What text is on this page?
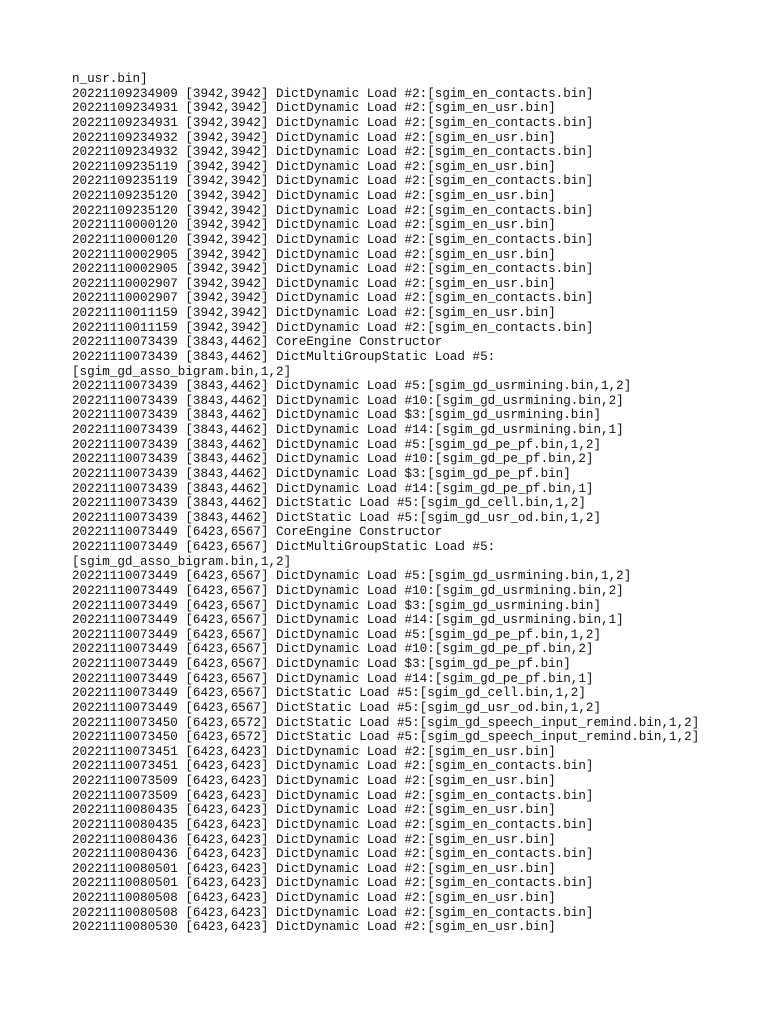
n_usr.bin]
20221109234909 [3942,3942] DictDynamic Load #2:[sgim_en_contacts.bin]
20221109234931 [3942,3942] DictDynamic Load #2:[sgim_en_usr.bin]
20221109234931 [3942,3942] DictDynamic Load #2:[sgim_en_contacts.bin]
20221109234932 [3942,3942] DictDynamic Load #2:[sgim_en_usr.bin]
20221109234932 [3942,3942] DictDynamic Load #2:[sgim_en_contacts.bin]
20221109235119 [3942,3942] DictDynamic Load #2:[sgim_en_usr.bin]
20221109235119 [3942,3942] DictDynamic Load #2:[sgim_en_contacts.bin]
20221109235120 [3942,3942] DictDynamic Load #2:[sgim_en_usr.bin]
20221109235120 [3942,3942] DictDynamic Load #2:[sgim_en_contacts.bin]
20221110000120 [3942,3942] DictDynamic Load #2:[sgim_en_usr.bin]
20221110000120 [3942,3942] DictDynamic Load #2:[sgim_en_contacts.bin]
20221110002905 [3942,3942] DictDynamic Load #2:[sgim_en_usr.bin]
20221110002905 [3942,3942] DictDynamic Load #2:[sgim_en_contacts.bin]
20221110002907 [3942,3942] DictDynamic Load #2:[sgim_en_usr.bin]
20221110002907 [3942,3942] DictDynamic Load #2:[sgim_en_contacts.bin]
20221110011159 [3942,3942] DictDynamic Load #2:[sgim_en_usr.bin]
20221110011159 [3942,3942] DictDynamic Load #2:[sgim_en_contacts.bin]
20221110073439 [3843,4462] CoreEngine Constructor
20221110073439 [3843,4462] DictMultiGroupStatic Load #5:
[sgim_gd_asso_bigram.bin,1,2]
20221110073439 [3843,4462] DictDynamic Load #5:[sgim_gd_usrmining.bin,1,2]
20221110073439 [3843,4462] DictDynamic Load #10:[sgim_gd_usrmining.bin,2]
20221110073439 [3843,4462] DictDynamic Load $3:[sgim_gd_usrmining.bin]
20221110073439 [3843,4462] DictDynamic Load #14:[sgim_gd_usrmining.bin,1]
20221110073439 [3843,4462] DictDynamic Load #5:[sgim_gd_pe_pf.bin,1,2]
20221110073439 [3843,4462] DictDynamic Load #10:[sgim_gd_pe_pf.bin,2]
20221110073439 [3843,4462] DictDynamic Load $3:[sgim_gd_pe_pf.bin]
20221110073439 [3843,4462] DictDynamic Load #14:[sgim_gd_pe_pf.bin,1]
20221110073439 [3843,4462] DictStatic Load #5:[sgim_gd_cell.bin,1,2]
20221110073439 [3843,4462] DictStatic Load #5:[sgim_gd_usr_od.bin,1,2]
20221110073449 [6423,6567] CoreEngine Constructor
20221110073449 [6423,6567] DictMultiGroupStatic Load #5:
[sgim_gd_asso_bigram.bin,1,2]
20221110073449 [6423,6567] DictDynamic Load #5:[sgim_gd_usrmining.bin,1,2]
20221110073449 [6423,6567] DictDynamic Load #10:[sgim_gd_usrmining.bin,2]
20221110073449 [6423,6567] DictDynamic Load $3:[sgim_gd_usrmining.bin]
20221110073449 [6423,6567] DictDynamic Load #14:[sgim_gd_usrmining.bin,1]
20221110073449 [6423,6567] DictDynamic Load #5:[sgim_gd_pe_pf.bin,1,2]
20221110073449 [6423,6567] DictDynamic Load #10:[sgim_gd_pe_pf.bin,2]
20221110073449 [6423,6567] DictDynamic Load $3:[sgim_gd_pe_pf.bin]
20221110073449 [6423,6567] DictDynamic Load #14:[sgim_gd_pe_pf.bin,1]
20221110073449 [6423,6567] DictStatic Load #5:[sgim_gd_cell.bin,1,2]
20221110073449 [6423,6567] DictStatic Load #5:[sgim_gd_usr_od.bin,1,2]
20221110073450 [6423,6572] DictStatic Load #5:[sgim_gd_speech_input_remind.bin,1,2]
20221110073450 [6423,6572] DictStatic Load #5:[sgim_gd_speech_input_remind.bin,1,2]
20221110073451 [6423,6423] DictDynamic Load #2:[sgim_en_usr.bin]
20221110073451 [6423,6423] DictDynamic Load #2:[sgim_en_contacts.bin]
20221110073509 [6423,6423] DictDynamic Load #2:[sgim_en_usr.bin]
20221110073509 [6423,6423] DictDynamic Load #2:[sgim_en_contacts.bin]
20221110080435 [6423,6423] DictDynamic Load #2:[sgim_en_usr.bin]
20221110080435 [6423,6423] DictDynamic Load #2:[sgim_en_contacts.bin]
20221110080436 [6423,6423] DictDynamic Load #2:[sgim_en_usr.bin]
20221110080436 [6423,6423] DictDynamic Load #2:[sgim_en_contacts.bin]
20221110080501 [6423,6423] DictDynamic Load #2:[sgim_en_usr.bin]
20221110080501 [6423,6423] DictDynamic Load #2:[sgim_en_contacts.bin]
20221110080508 [6423,6423] DictDynamic Load #2:[sgim_en_usr.bin]
20221110080508 [6423,6423] DictDynamic Load #2:[sgim_en_contacts.bin]
20221110080530 [6423,6423] DictDynamic Load #2:[sgim_en_usr.bin]
